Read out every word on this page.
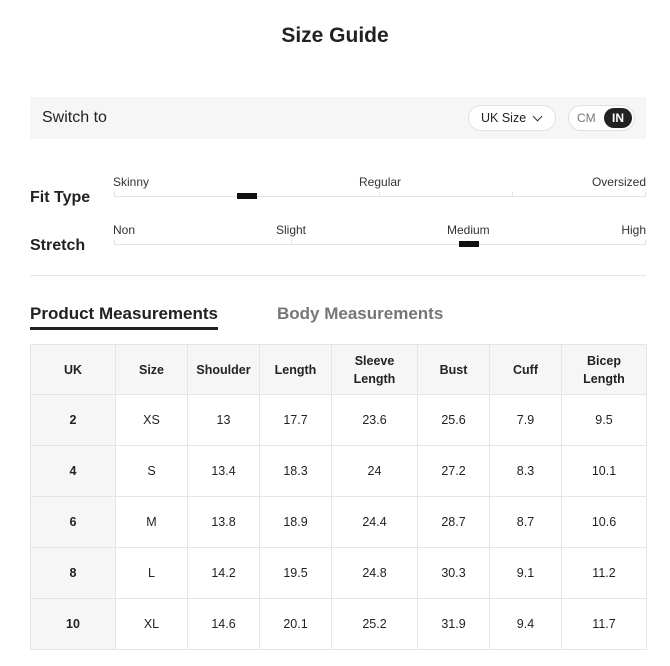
Size Guide
Switch to	UK Size	CM	IN
Fit Type
Skinny	Regular	Oversized
Stretch
Non	Slight	Medium	High
Product Measurements	Body Measurements
UK	Size	Shoulder	Length	Sleeve Length	Bust	Cuff	Bicep Length
2	XS	13	17.7	23.6	25.6	7.9	9.5
4	S	13.4	18.3	24	27.2	8.3	10.1
6	M	13.8	18.9	24.4	28.7	8.7	10.6
8	L	14.2	19.5	24.8	30.3	9.1	11.2
10	XL	14.6	20.1	25.2	31.9	9.4	11.7
